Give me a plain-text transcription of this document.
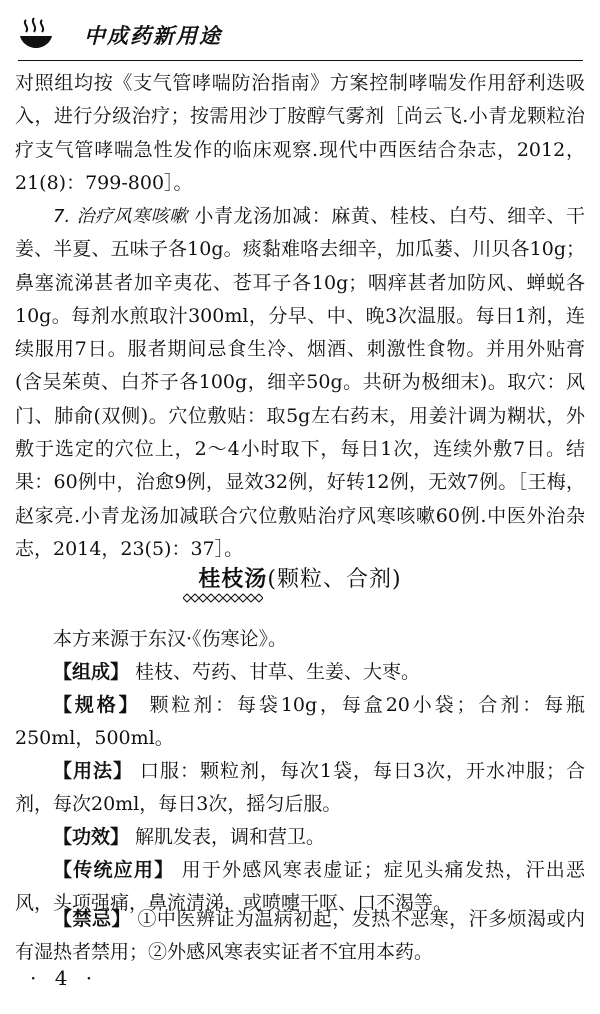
中成药新用途

对照组均按《支气管哮喘防治指南》方案控制哮喘发作用舒利迭吸入，进行分级治疗；按需用沙丁胺醇气雾剂［尚云飞.小青龙颗粒治疗支气管哮喘急性发作的临床观察.现代中西医结合杂志，2012，21(8)：799-800］。

7. 治疗风寒咳嗽 小青龙汤加减：麻黄、桂枝、白芍、细辛、干姜、半夏、五味子各10g。痰黏难咯去细辛，加瓜蒌、川贝各10g；鼻塞流涕甚者加辛夷花、苍耳子各10g；咽痒甚者加防风、蝉蜕各10g。每剂水煎取汁300ml，分早、中、晚3次温服。每日1剂，连续服用7日。服者期间忌食生冷、烟酒、刺激性食物。并用外贴膏(含吴茱萸、白芥子各100g，细辛50g。共研为极细末)。取穴：风门、肺俞(双侧)。穴位敷贴：取5g左右药末，用姜汁调为糊状，外敷于选定的穴位上，2～4小时取下，每日1次，连续外敷7日。结果：60例中，治愈9例，显效32例，好转12例，无效7例。［王梅，赵家亮.小青龙汤加减联合穴位敷贴治疗风寒咳嗽60例.中医外治杂志，2014，23(5)：37］。

桂枝汤(颗粒、合剂)

本方来源于东汉·《伤寒论》。

【组成】 桂枝、芍药、甘草、生姜、大枣。

【规格】 颗粒剂：每袋10g，每盒20小袋；合剂：每瓶250ml，500ml。

【用法】 口服：颗粒剂，每次1袋，每日3次，开水冲服；合剂，每次20ml，每日3次，摇匀后服。

【功效】 解肌发表，调和营卫。

【传统应用】 用于外感风寒表虚证；症见头痛发热，汗出恶风，头项强痛，鼻流清涕，或喷嚏干呕、口不渴等。

【禁忌】 ①中医辨证为温病初起，发热不恶寒，汗多烦渴或内有湿热者禁用；②外感风寒表实证者不宜用本药。

· 4 ·
